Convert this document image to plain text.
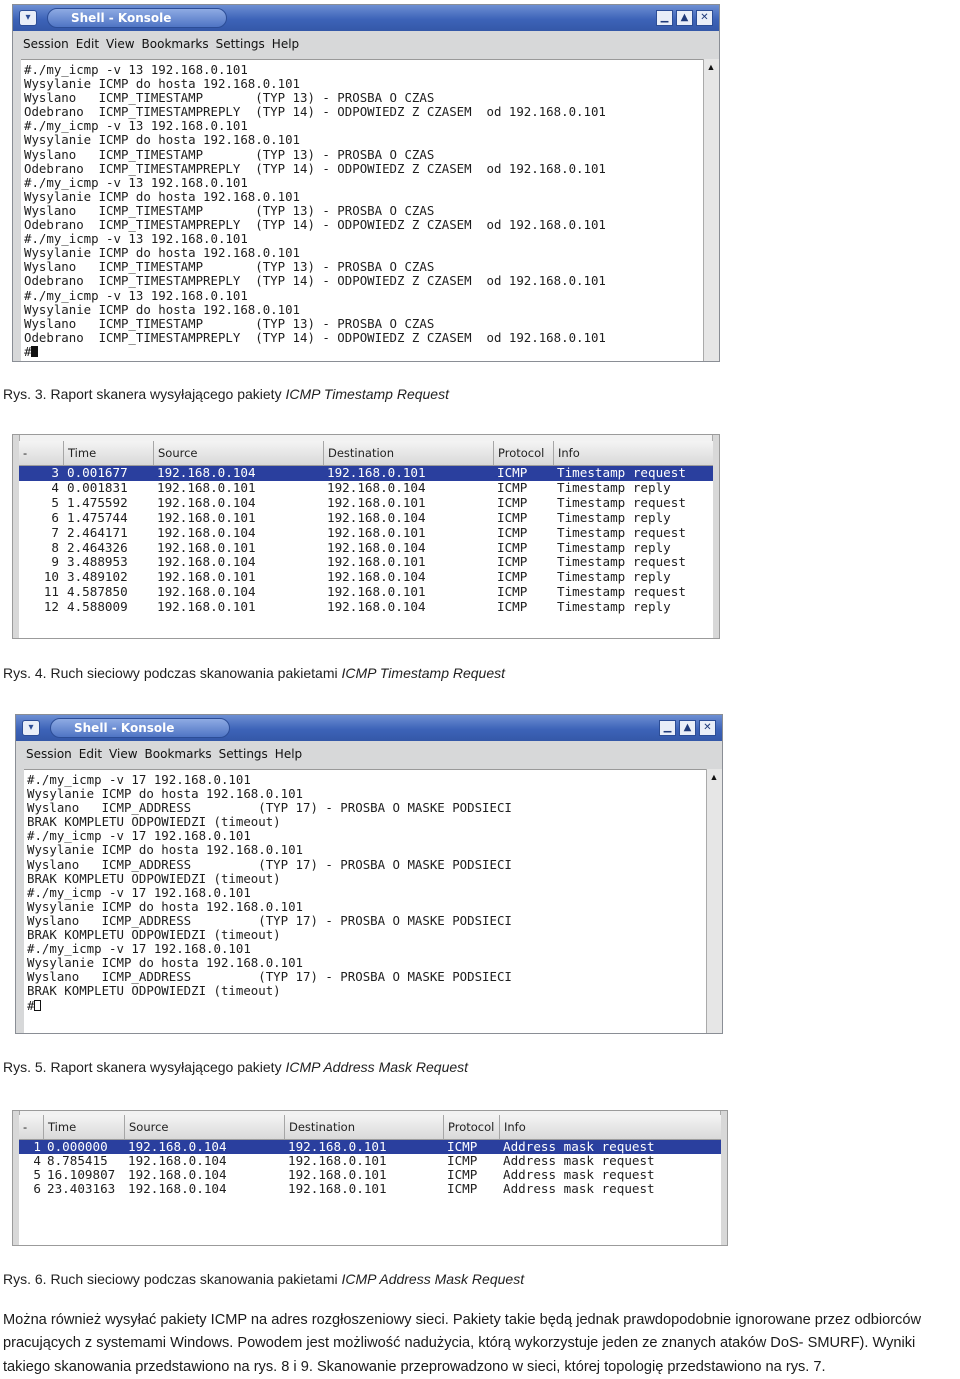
▾	Shell - Konsole	▁	▲	✕
Session Edit View Bookmarks Settings Help
#./my_icmp -v 13 192.168.0.101
Wysylanie ICMP do hosta 192.168.0.101
Wyslano   ICMP_TIMESTAMP       (TYP 13) - PROSBA O CZAS
Odebrano  ICMP_TIMESTAMPREPLY  (TYP 14) - ODPOWIEDZ Z CZASEM  od 192.168.0.101
#./my_icmp -v 13 192.168.0.101
Wysylanie ICMP do hosta 192.168.0.101
Wyslano   ICMP_TIMESTAMP       (TYP 13) - PROSBA O CZAS
Odebrano  ICMP_TIMESTAMPREPLY  (TYP 14) - ODPOWIEDZ Z CZASEM  od 192.168.0.101
#./my_icmp -v 13 192.168.0.101
Wysylanie ICMP do hosta 192.168.0.101
Wyslano   ICMP_TIMESTAMP       (TYP 13) - PROSBA O CZAS
Odebrano  ICMP_TIMESTAMPREPLY  (TYP 14) - ODPOWIEDZ Z CZASEM  od 192.168.0.101
#./my_icmp -v 13 192.168.0.101
Wysylanie ICMP do hosta 192.168.0.101
Wyslano   ICMP_TIMESTAMP       (TYP 13) - PROSBA O CZAS
Odebrano  ICMP_TIMESTAMPREPLY  (TYP 14) - ODPOWIEDZ Z CZASEM  od 192.168.0.101
#./my_icmp -v 13 192.168.0.101
Wysylanie ICMP do hosta 192.168.0.101
Wyslano   ICMP_TIMESTAMP       (TYP 13) - PROSBA O CZAS
Odebrano  ICMP_TIMESTAMPREPLY  (TYP 14) - ODPOWIEDZ Z CZASEM  od 192.168.0.101
#
▲
Rys. 3. Raport skanera wysyłającego pakiety ICMP Timestamp Request
-	Time	Source	Destination	Protocol	Info
3 0.001677 192.168.0.104	192.168.0.101	ICMP Timestamp request
4 0.001831 192.168.0.101	192.168.0.104	ICMP Timestamp reply
5 1.475592 192.168.0.104	192.168.0.101	ICMP Timestamp request
6 1.475744 192.168.0.101	192.168.0.104	ICMP Timestamp reply
7 2.464171 192.168.0.104	192.168.0.101	ICMP Timestamp request
8 2.464326 192.168.0.101	192.168.0.104	ICMP Timestamp reply
9 3.488953 192.168.0.104	192.168.0.101	ICMP Timestamp request
10 3.489102 192.168.0.101	192.168.0.104	ICMP Timestamp reply
11 4.587850 192.168.0.104	192.168.0.101	ICMP Timestamp request
12 4.588009 192.168.0.101	192.168.0.104	ICMP Timestamp reply
Rys. 4. Ruch sieciowy podczas skanowania pakietami ICMP Timestamp Request
▾	Shell - Konsole	▁	▲	✕
Session Edit View Bookmarks Settings Help
#./my_icmp -v 17 192.168.0.101
Wysylanie ICMP do hosta 192.168.0.101
Wyslano   ICMP_ADDRESS         (TYP 17) - PROSBA O MASKE PODSIECI
BRAK KOMPLETU ODPOWIEDZI (timeout)
#./my_icmp -v 17 192.168.0.101
Wysylanie ICMP do hosta 192.168.0.101
Wyslano   ICMP_ADDRESS         (TYP 17) - PROSBA O MASKE PODSIECI
BRAK KOMPLETU ODPOWIEDZI (timeout)
#./my_icmp -v 17 192.168.0.101
Wysylanie ICMP do hosta 192.168.0.101
Wyslano   ICMP_ADDRESS         (TYP 17) - PROSBA O MASKE PODSIECI
BRAK KOMPLETU ODPOWIEDZI (timeout)
#./my_icmp -v 17 192.168.0.101
Wysylanie ICMP do hosta 192.168.0.101
Wyslano   ICMP_ADDRESS         (TYP 17) - PROSBA O MASKE PODSIECI
BRAK KOMPLETU ODPOWIEDZI (timeout)
#
▲
Rys. 5. Raport skanera wysyłającego pakiety ICMP Address Mask Request
-	Time	Source	Destination	Protocol Info
1 0.000000 192.168.0.104	192.168.0.101	ICMP Address mask request
4 8.785415 192.168.0.104	192.168.0.101	ICMP Address mask request
5 16.109807 192.168.0.104	192.168.0.101	ICMP Address mask request
6 23.403163 192.168.0.104	192.168.0.101	ICMP Address mask request
Rys. 6. Ruch sieciowy podczas skanowania pakietami ICMP Address Mask Request
Można również wysyłać pakiety ICMP na adres rozgłoszeniowy sieci. Pakiety takie będą jednak prawdopodobnie ignorowane przez odbiorców pracujących z systemami Windows. Powodem jest możliwość nadużycia, którą wykorzystuje jeden ze znanych ataków DoS- SMURF). Wyniki takiego skanowania przedstawiono na rys. 8 i 9. Skanowanie przeprowadzono w sieci, której topologię przedstawiono na rys. 7.
